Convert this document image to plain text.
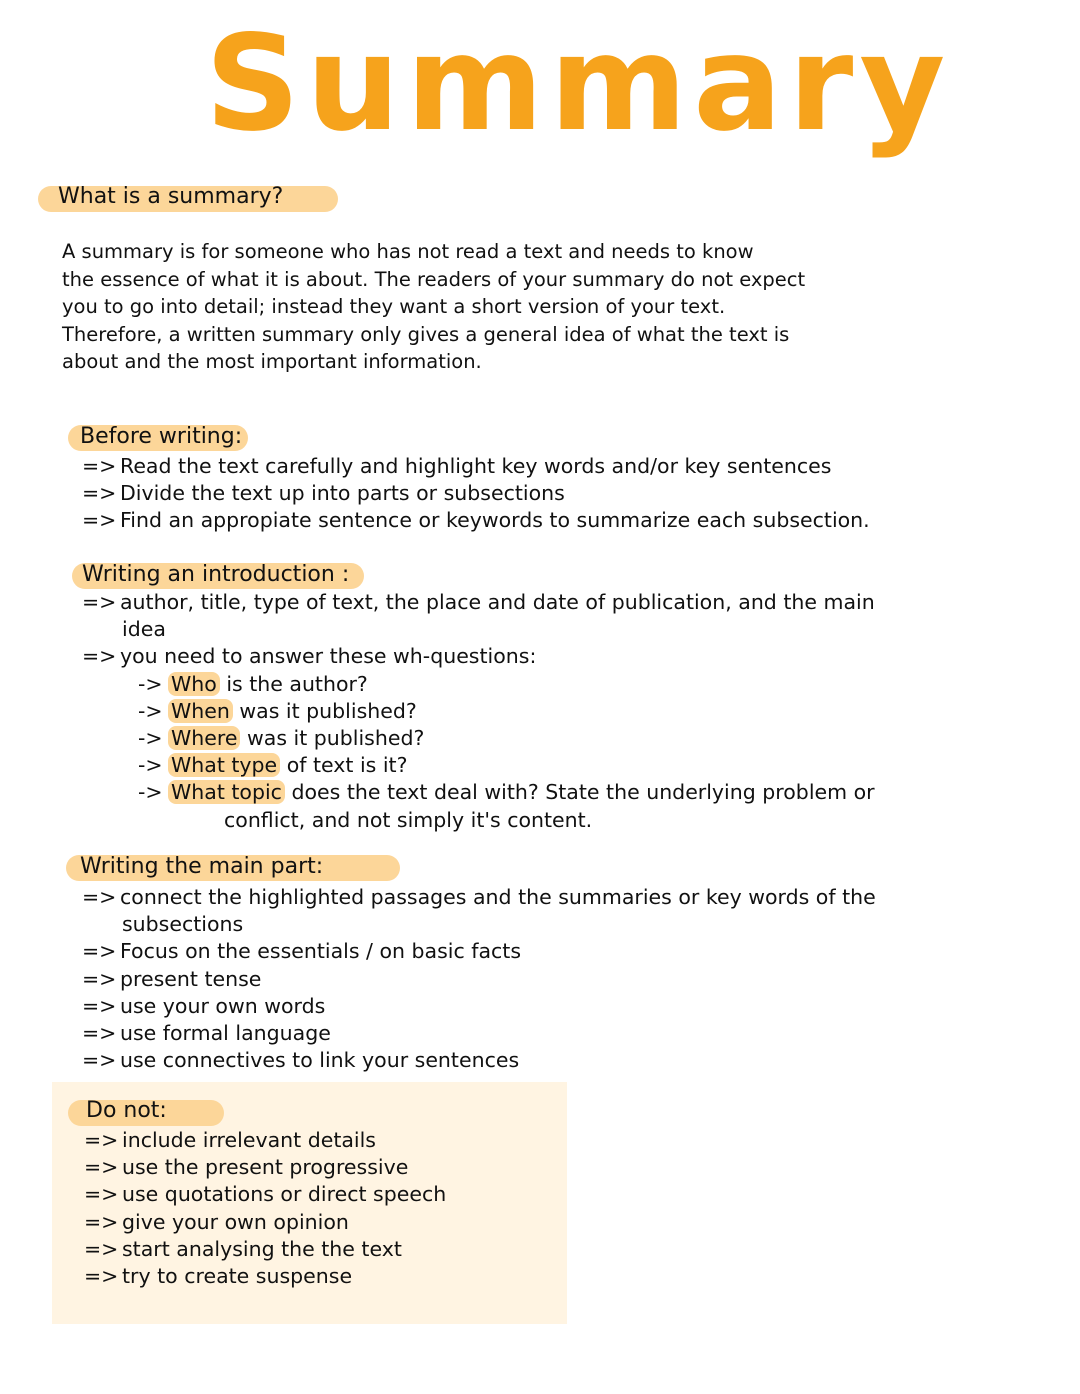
Summary
What is a summary?
A summary is for someone who has not read a text and needs to know
the essence of what it is about. The readers of your summary do not expect
you to go into detail; instead they want a short version of your text.
Therefore, a written summary only gives a general idea of what the text is
about and the most important information.
Before writing:
=> Read the text carefully and highlight key words and/or key sentences
=> Divide the text up into parts or subsections
=> Find an appropiate sentence or keywords to summarize each subsection.
Writing an introduction :
=> author, title, type of text, the place and date of publication, and the main
idea
=> you need to answer these wh-questions:
-> Who is the author?
-> When was it published?
-> Where was it published?
-> What type of text is it?
-> What topic does the text deal with? State the underlying problem or
conflict, and not simply it's content.
Writing the main part:
=> connect the highlighted passages and the summaries or key words of the
subsections
=> Focus on the essentials / on basic facts
=> present tense
=> use your own words
=> use formal language
=> use connectives to link your sentences
Do not:
=> include irrelevant details
=> use the present progressive
=> use quotations or direct speech
=> give your own opinion
=> start analysing the the text
=> try to create suspense
